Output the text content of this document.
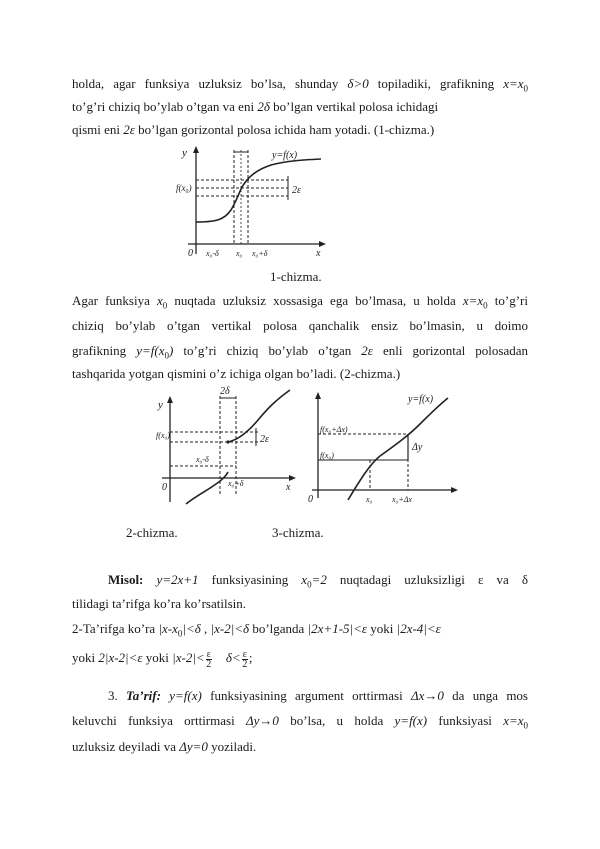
holda, agar funksiya uzluksiz bo’lsa, shunday δ>0 topiladiki, grafikning $x=x_0$
to’g’ri chiziq bo’ylab o’tgan va eni 2δ bo’lgan vertikal polosa ichidagi
qismi eni 2ε bo’lgan gorizontal polosa ichida ham yotadi. (1-chizma.)
y
x
0
2ε
f(x₀)
y=f(x)
x₀-δ x₀ x₀+δ
1-chizma.
Agar funksiya $x_0$ nuqtada uzluksiz xossasiga ega bo’lmasa, u holda $x=x_0$ to’g’ri
chiziq bo’ylab o’tgan vertikal polosa qanchalik ensiz bo’lmasin, u doimo
grafikning $y=f(x_0)$ to’g’ri chiziq bo’ylab o’tgan 2ε enli gorizontal polosadan
tashqarida yotgan qismini o’z ichiga olgan bo’ladi. (2-chizma.)
y
x
0
2δ
2ε
f(x₀)
x₀-δ
x₀+δ
0
y=f(x)
Δy
f(x₀+Δx)
f(x₀)
x₀ x₀+Δx
2-chizma.	3-chizma.
Misol: y=2x+1 funksiyasining $x_0=2$ nuqtadagi uzluksizligi ε va δ
tilidagi ta’rifga ko’ra ko’rsatilsin.
2-Ta’rifga ko’ra $|x-x_0|<\delta$ , |x-2|<δ bo’lganda |2x+1-5|<ε yoki |2x-4|<ε
yoki 2|x-2|<ε yoki $|x-2|< \frac{\varepsilon}{2} \delta< \frac{\varepsilon}{2}$ ;
3. Ta’rif: y=f(x) funksiyasining argument orttirmasi Δx→0 da unga mos
keluvchi funksiya orttirmasi Δy→0 bo’lsa, u holda y=f(x) funksiyasi $x=x_0$
uzluksiz deyiladi va Δy=0 yoziladi.
